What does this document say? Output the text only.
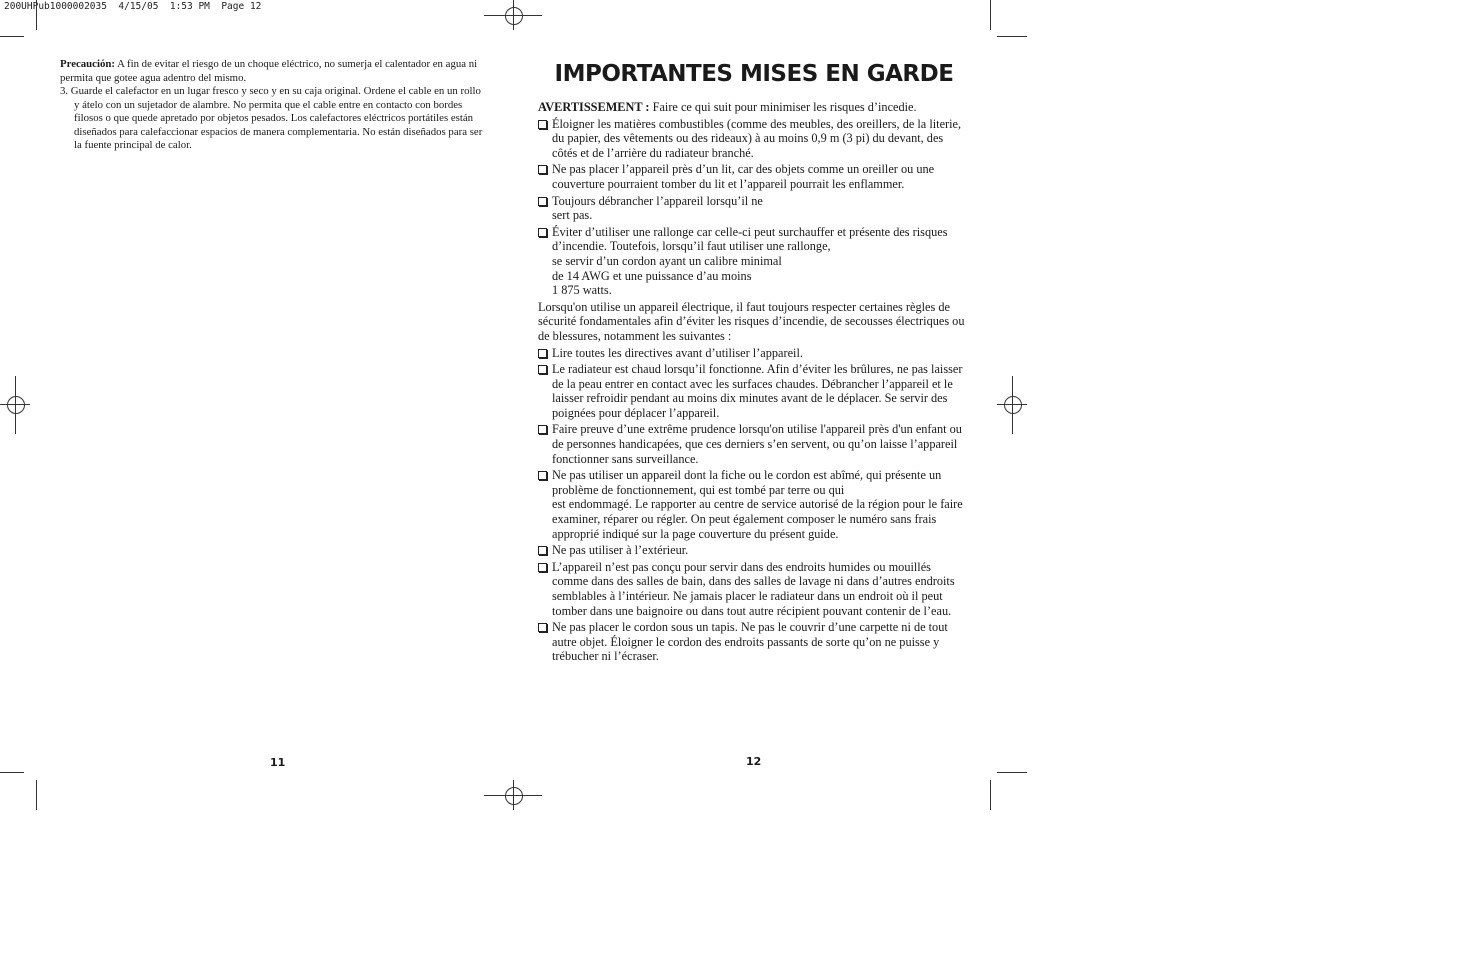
200UHPub1000002035  4/15/05  1:53 PM  Page 12

Precaución: A fin de evitar el riesgo de un choque eléctrico, no sumerja el calentador en agua ni permita que gotee agua adentro del mismo.

3. Guarde el calefactor en un lugar fresco y seco y en su caja original. Ordene el cable en un rollo y átelo con un sujetador de alambre. No permita que el cable entre en contacto con bordes filosos o que quede apretado por objetos pesados. Los calefactores eléctricos portátiles están diseñados para calefaccionar espacios de manera complementaria. No están diseñados para ser la fuente principal de calor.

IMPORTANTES MISES EN GARDE

AVERTISSEMENT : Faire ce qui suit pour minimiser les risques d’incedie.

Éloigner les matières combustibles (comme des meubles, des oreillers, de la literie, du papier, des vêtements ou des rideaux) à au moins 0,9 m (3 pi) du devant, des côtés et de l’arrière du radiateur branché.
Ne pas placer l’appareil près d’un lit, car des objets comme un oreiller ou une couverture pourraient tomber du lit et l’appareil pourrait les enflammer.
Toujours débrancher l’appareil lorsqu’il ne
sert pas.
Éviter d’utiliser une rallonge car celle-ci peut surchauffer et présente des risques d’incendie. Toutefois, lorsqu’il faut utiliser une rallonge,
se servir d’un cordon ayant un calibre minimal
de 14 AWG et une puissance d’au moins
1 875 watts.

Lorsqu'on utilise un appareil électrique, il faut toujours respecter certaines règles de sécurité fondamentales afin d’éviter les risques d’incendie, de secousses électriques ou de blessures, notamment les suivantes :

Lire toutes les directives avant d’utiliser l’appareil.
Le radiateur est chaud lorsqu’il fonctionne. Afin d’éviter les brûlures, ne pas laisser de la peau entrer en contact avec les surfaces chaudes. Débrancher l’appareil et le laisser refroidir pendant au moins dix minutes avant de le déplacer. Se servir des poignées pour déplacer l’appareil.
Faire preuve d’une extrême prudence lorsqu'on utilise l'appareil près d'un enfant ou de personnes handicapées, que ces derniers s’en servent, ou qu’on laisse l’appareil fonctionner sans surveillance.
Ne pas utiliser un appareil dont la fiche ou le cordon est abîmé, qui présente un problème de fonctionnement, qui est tombé par terre ou qui
est endommagé. Le rapporter au centre de service autorisé de la région pour le faire examiner, réparer ou régler. On peut également composer le numéro sans frais approprié indiqué sur la page couverture du présent guide.
Ne pas utiliser à l’extérieur.
L’appareil n’est pas conçu pour servir dans des endroits humides ou mouillés comme dans des salles de bain, dans des salles de lavage ni dans d’autres endroits semblables à l’intérieur. Ne jamais placer le radiateur dans un endroit où il peut tomber dans une baignoire ou dans tout autre récipient pouvant contenir de l’eau.
Ne pas placer le cordon sous un tapis. Ne pas le couvrir d’une carpette ni de tout autre objet. Éloigner le cordon des endroits passants de sorte qu’on ne puisse y trébucher ni l’écraser.
11	12
